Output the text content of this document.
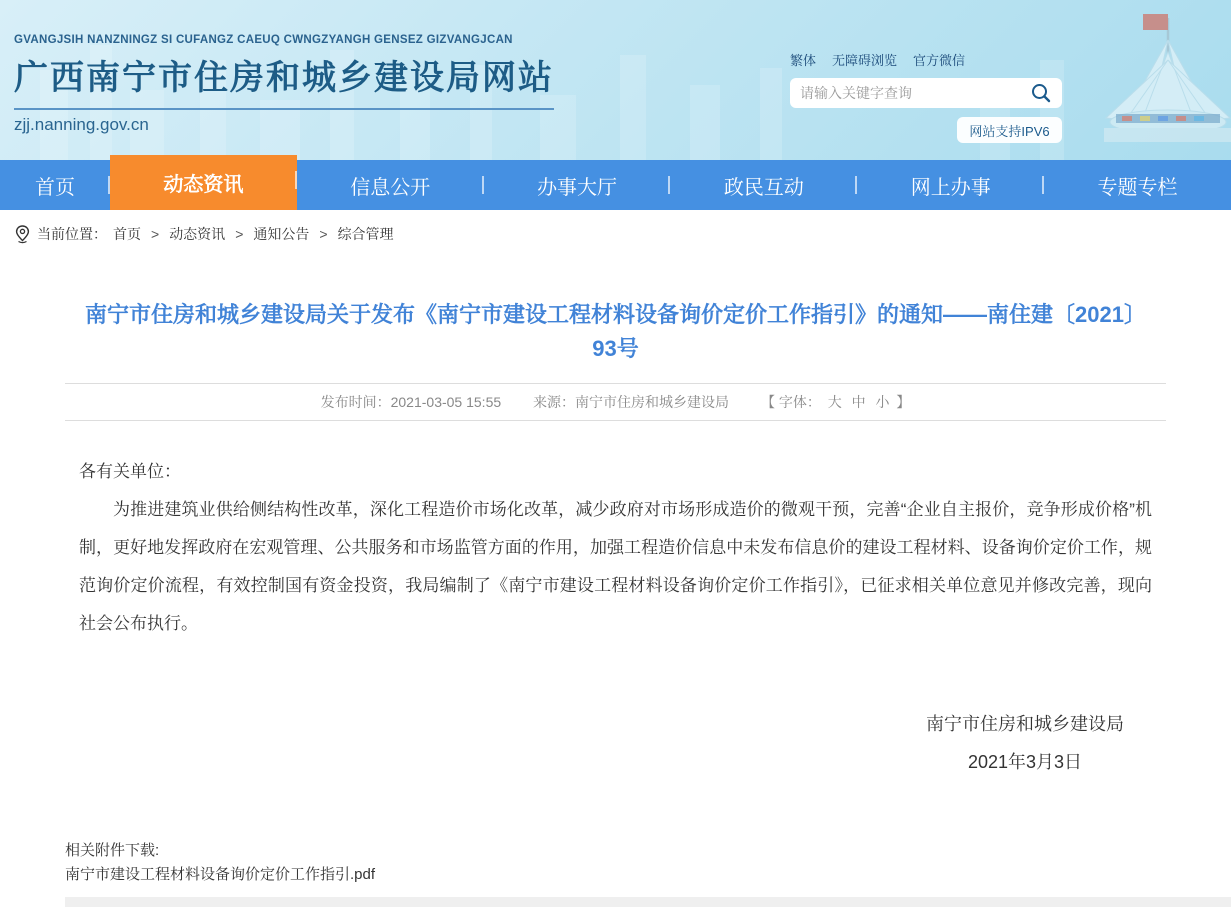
GVANGJSIH NANZNINGZ SI CUFANGZ CAEUQ CWNGZYANGH GENSEZ GIZVANGJCAN
广西南宁市住房和城乡建设局网站
zjj.nanning.gov.cn
繁体 无障碍浏览 官方微信
请输入关键字查询
网站支持IPV6
首页	动态资讯	信息公开	办事大厅	政民互动	网上办事	专题专栏
当前位置： 首页 > 动态资讯 > 通知公告 > 综合管理
南宁市住房和城乡建设局关于发布《南宁市建设工程材料设备询价定价工作指引》的通知——南住建〔2021〕93号
发布时间：2021-03-05 15:55 来源：南宁市住房和城乡建设局 【 字体： 大 中 小 】

各有关单位：

为推进建筑业供给侧结构性改革，深化工程造价市场化改革，减少政府对市场形成造价的微观干预，完善“企业自主报价，竞争形成价格”机制，更好地发挥政府在宏观管理、公共服务和市场监管方面的作用，加强工程造价信息中未发布信息价的建设工程材料、设备询价定价工作，规范询价定价流程，有效控制国有资金投资，我局编制了《南宁市建设工程材料设备询价定价工作指引》，已征求相关单位意见并修改完善，现向社会公布执行。

南宁市住房和城乡建设局
2021年3月3日
相关附件下载:
南宁市建设工程材料设备询价定价工作指引.pdf
